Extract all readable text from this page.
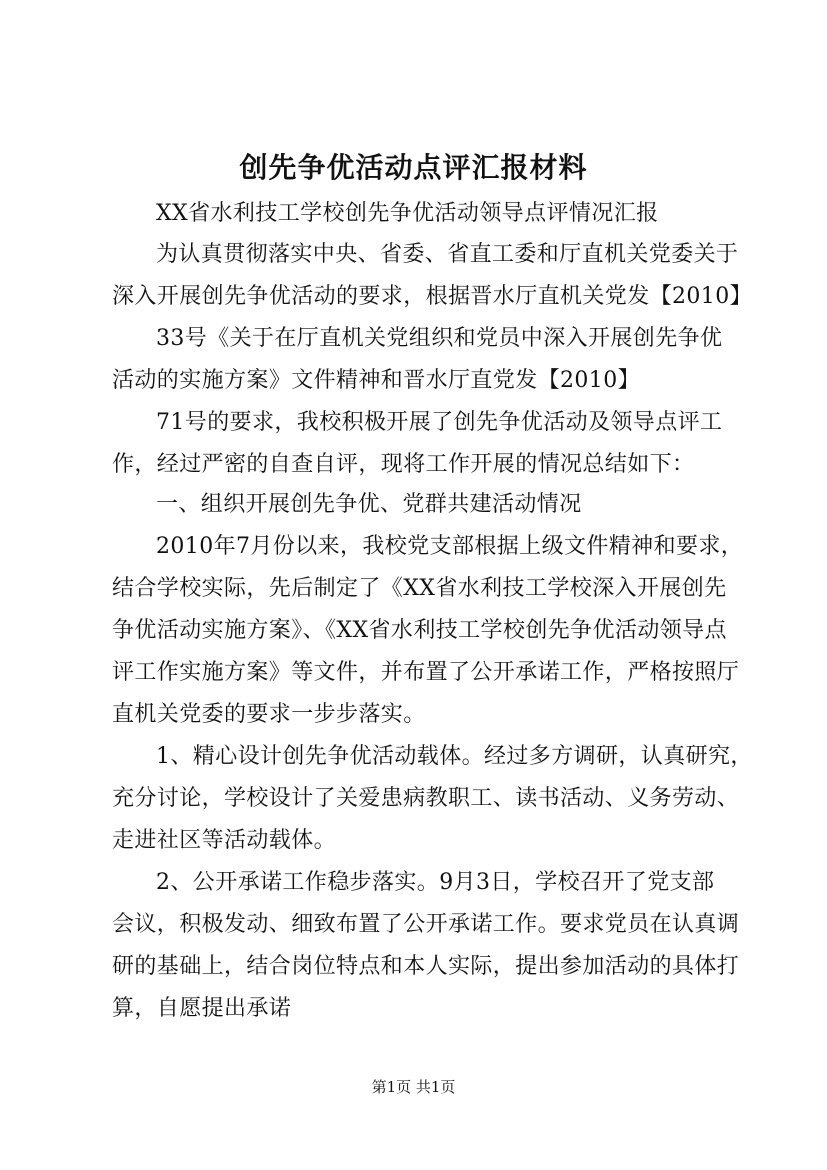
创先争优活动点评汇报材料
XX省水利技工学校创先争优活动领导点评情况汇报
为认真贯彻落实中央、省委、省直工委和厅直机关党委关于
深入开展创先争优活动的要求，根据晋水厅直机关党发【2010】
33号《关于在厅直机关党组织和党员中深入开展创先争优
活动的实施方案》文件精神和晋水厅直党发【2010】
71号的要求，我校积极开展了创先争优活动及领导点评工
作，经过严密的自查自评，现将工作开展的情况总结如下：
一、组织开展创先争优、党群共建活动情况
2010年7月份以来，我校党支部根据上级文件精神和要求，
结合学校实际，先后制定了《XX省水利技工学校深入开展创先
争优活动实施方案》、《XX省水利技工学校创先争优活动领导点
评工作实施方案》等文件，并布置了公开承诺工作，严格按照厅
直机关党委的要求一步步落实。
1、精心设计创先争优活动载体。经过多方调研，认真研究，
充分讨论，学校设计了关爱患病教职工、读书活动、义务劳动、
走进社区等活动载体。
2、公开承诺工作稳步落实。9月3日，学校召开了党支部
会议，积极发动、细致布置了公开承诺工作。要求党员在认真调
研的基础上，结合岗位特点和本人实际，提出参加活动的具体打
算，自愿提出承诺
第1页 共1页
